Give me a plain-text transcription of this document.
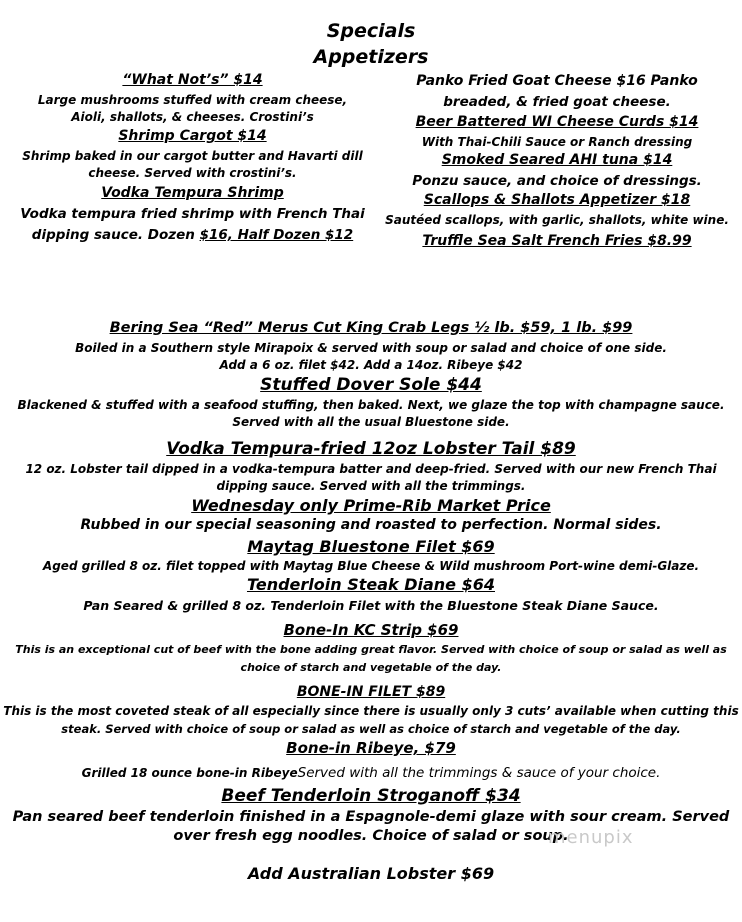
Specials
Appetizers
“What Not’s” $14
Large mushrooms stuffed with cream cheese,
Aioli, shallots, & cheeses. Crostini’s
Shrimp Cargot $14
Shrimp baked in our cargot butter and Havarti dill
cheese. Served with crostini’s.
Vodka Tempura Shrimp
Vodka tempura fried shrimp with French Thai
dipping sauce. Dozen $16, Half Dozen $12
Panko Fried Goat Cheese $16 Panko
breaded, & fried goat cheese.
Beer Battered WI Cheese Curds $14
With Thai-Chili Sauce or Ranch dressing
Smoked Seared AHI tuna $14
Ponzu sauce, and choice of dressings.
Scallops & Shallots Appetizer $18
Sautéed scallops, with garlic, shallots, white wine.
Truffle Sea Salt French Fries $8.99
Bering Sea “Red” Merus Cut King Crab Legs ½ lb. $59, 1 lb. $99
Boiled in a Southern style Mirapoix & served with soup or salad and choice of one side.
Add a 6 oz. filet $42. Add a 14oz. Ribeye $42
Stuffed Dover Sole $44
Blackened & stuffed with a seafood stuffing, then baked. Next, we glaze the top with champagne sauce.
Served with all the usual Bluestone side.
Vodka Tempura-fried 12oz Lobster Tail $89
12 oz. Lobster tail dipped in a vodka-tempura batter and deep-fried. Served with our new French Thai
dipping sauce. Served with all the trimmings.
Wednesday only Prime-Rib Market Price
Rubbed in our special seasoning and roasted to perfection. Normal sides.
Maytag Bluestone Filet $69
Aged grilled 8 oz. filet topped with Maytag Blue Cheese & Wild mushroom Port-wine demi-Glaze.
Tenderloin Steak Diane $64
Pan Seared & grilled 8 oz. Tenderloin Filet with the Bluestone Steak Diane Sauce.
Bone-In KC Strip $69
This is an exceptional cut of beef with the bone adding great flavor. Served with choice of soup or salad as well as
choice of starch and vegetable of the day.
BONE-IN FILET $89
This is the most coveted steak of all especially since there is usually only 3 cuts’ available when cutting this
steak. Served with choice of soup or salad as well as choice of starch and vegetable of the day.
Bone-in Ribeye, $79
Grilled 18 ounce bone-in RibeyeServed with all the trimmings & sauce of your choice.
Beef Tenderloin Stroganoff $34
Pan seared beef tenderloin finished in a Espagnole-demi glaze with sour cream. Served
over fresh egg noodles. Choice of salad or soup.
Add Australian Lobster $69
menupix
